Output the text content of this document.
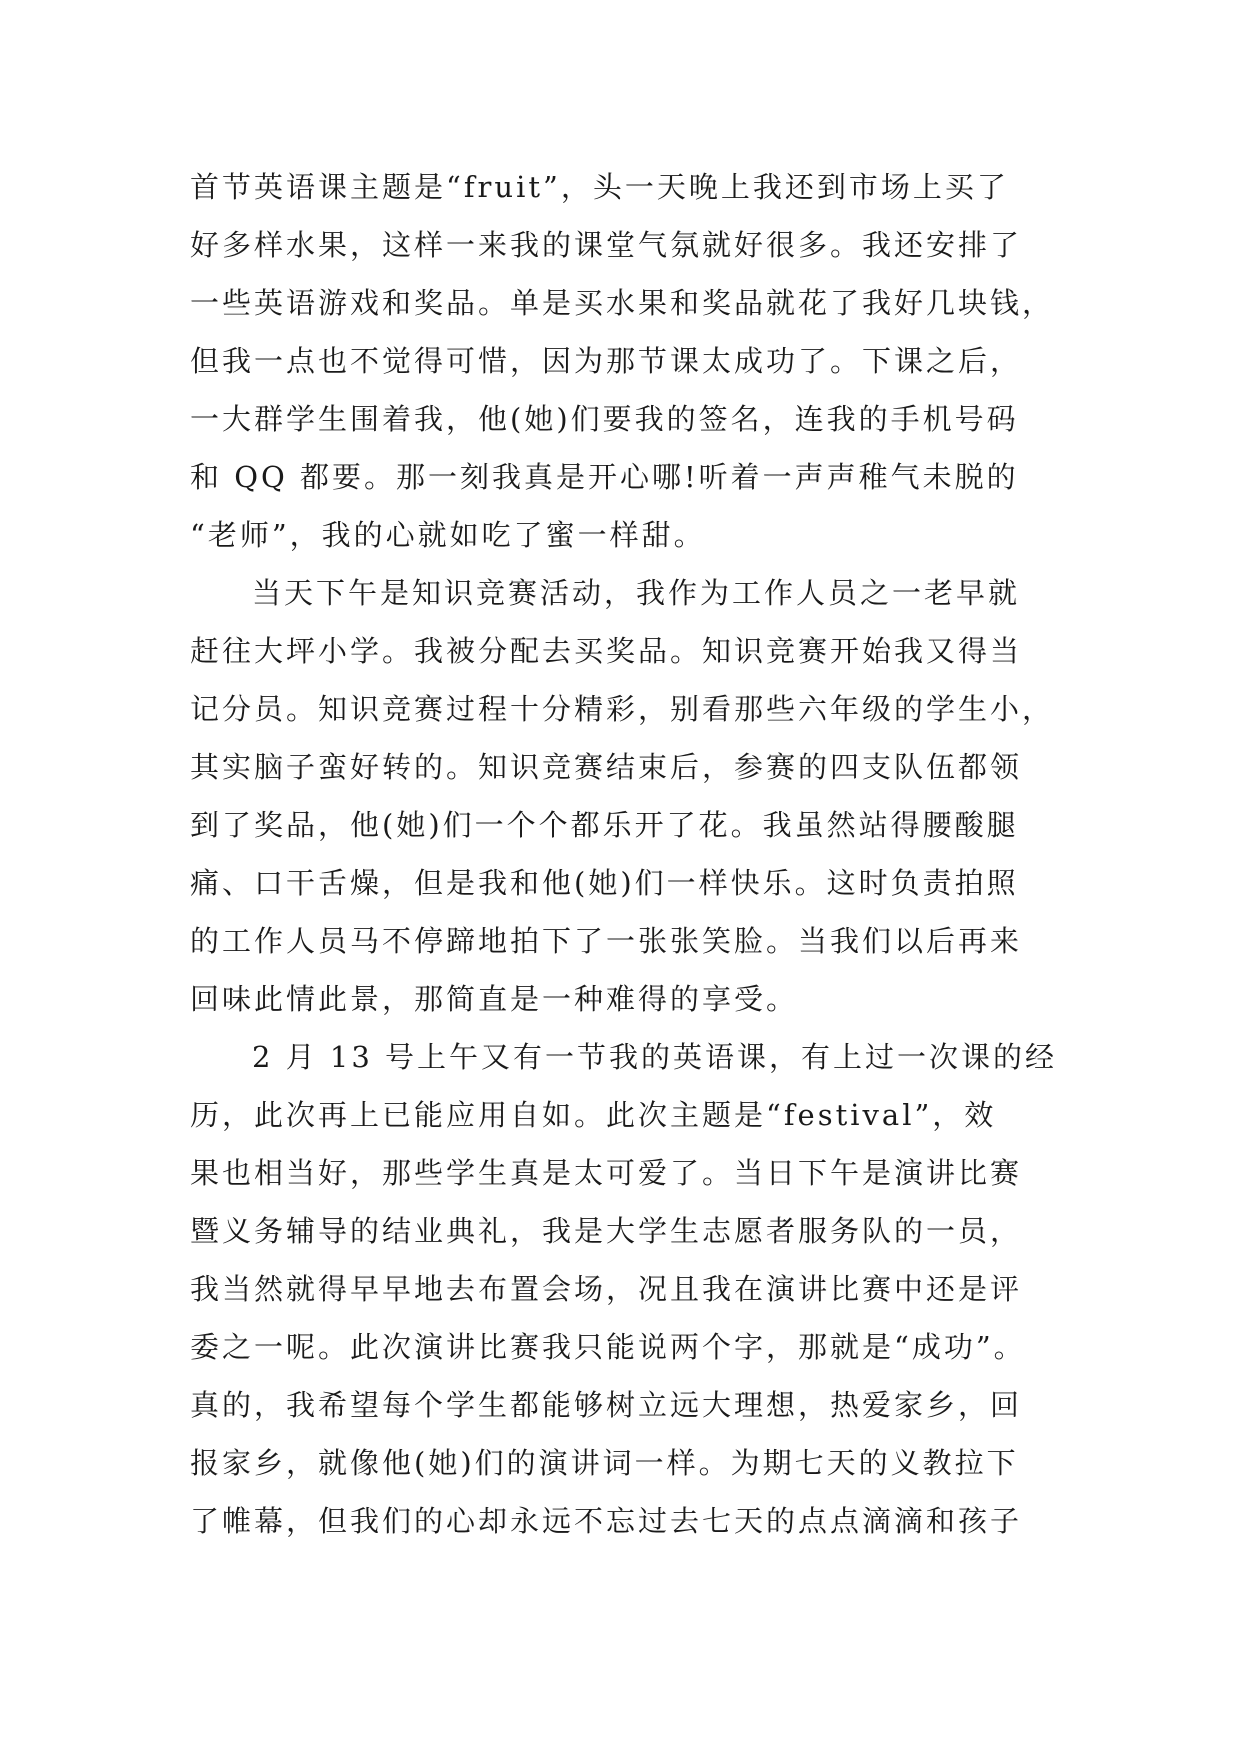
首节英语课主题是“fruit”，头一天晚上我还到市场上买了
好多样水果，这样一来我的课堂气氛就好很多。我还安排了
一些英语游戏和奖品。单是买水果和奖品就花了我好几块钱，
但我一点也不觉得可惜，因为那节课太成功了。下课之后，
一大群学生围着我，他(她)们要我的签名，连我的手机号码
和 QQ 都要。那一刻我真是开心哪!听着一声声稚气未脱的
“老师”，我的心就如吃了蜜一样甜。
当天下午是知识竞赛活动，我作为工作人员之一老早就
赶往大坪小学。我被分配去买奖品。知识竞赛开始我又得当
记分员。知识竞赛过程十分精彩，别看那些六年级的学生小，
其实脑子蛮好转的。知识竞赛结束后，参赛的四支队伍都领
到了奖品，他(她)们一个个都乐开了花。我虽然站得腰酸腿
痛、口干舌燥，但是我和他(她)们一样快乐。这时负责拍照
的工作人员马不停蹄地拍下了一张张笑脸。当我们以后再来
回味此情此景，那简直是一种难得的享受。
2 月 13 号上午又有一节我的英语课，有上过一次课的经
历，此次再上已能应用自如。此次主题是“festival”，效
果也相当好，那些学生真是太可爱了。当日下午是演讲比赛
暨义务辅导的结业典礼，我是大学生志愿者服务队的一员，
我当然就得早早地去布置会场，况且我在演讲比赛中还是评
委之一呢。此次演讲比赛我只能说两个字，那就是“成功”。
真的，我希望每个学生都能够树立远大理想，热爱家乡，回
报家乡，就像他(她)们的演讲词一样。为期七天的义教拉下
了帷幕，但我们的心却永远不忘过去七天的点点滴滴和孩子
